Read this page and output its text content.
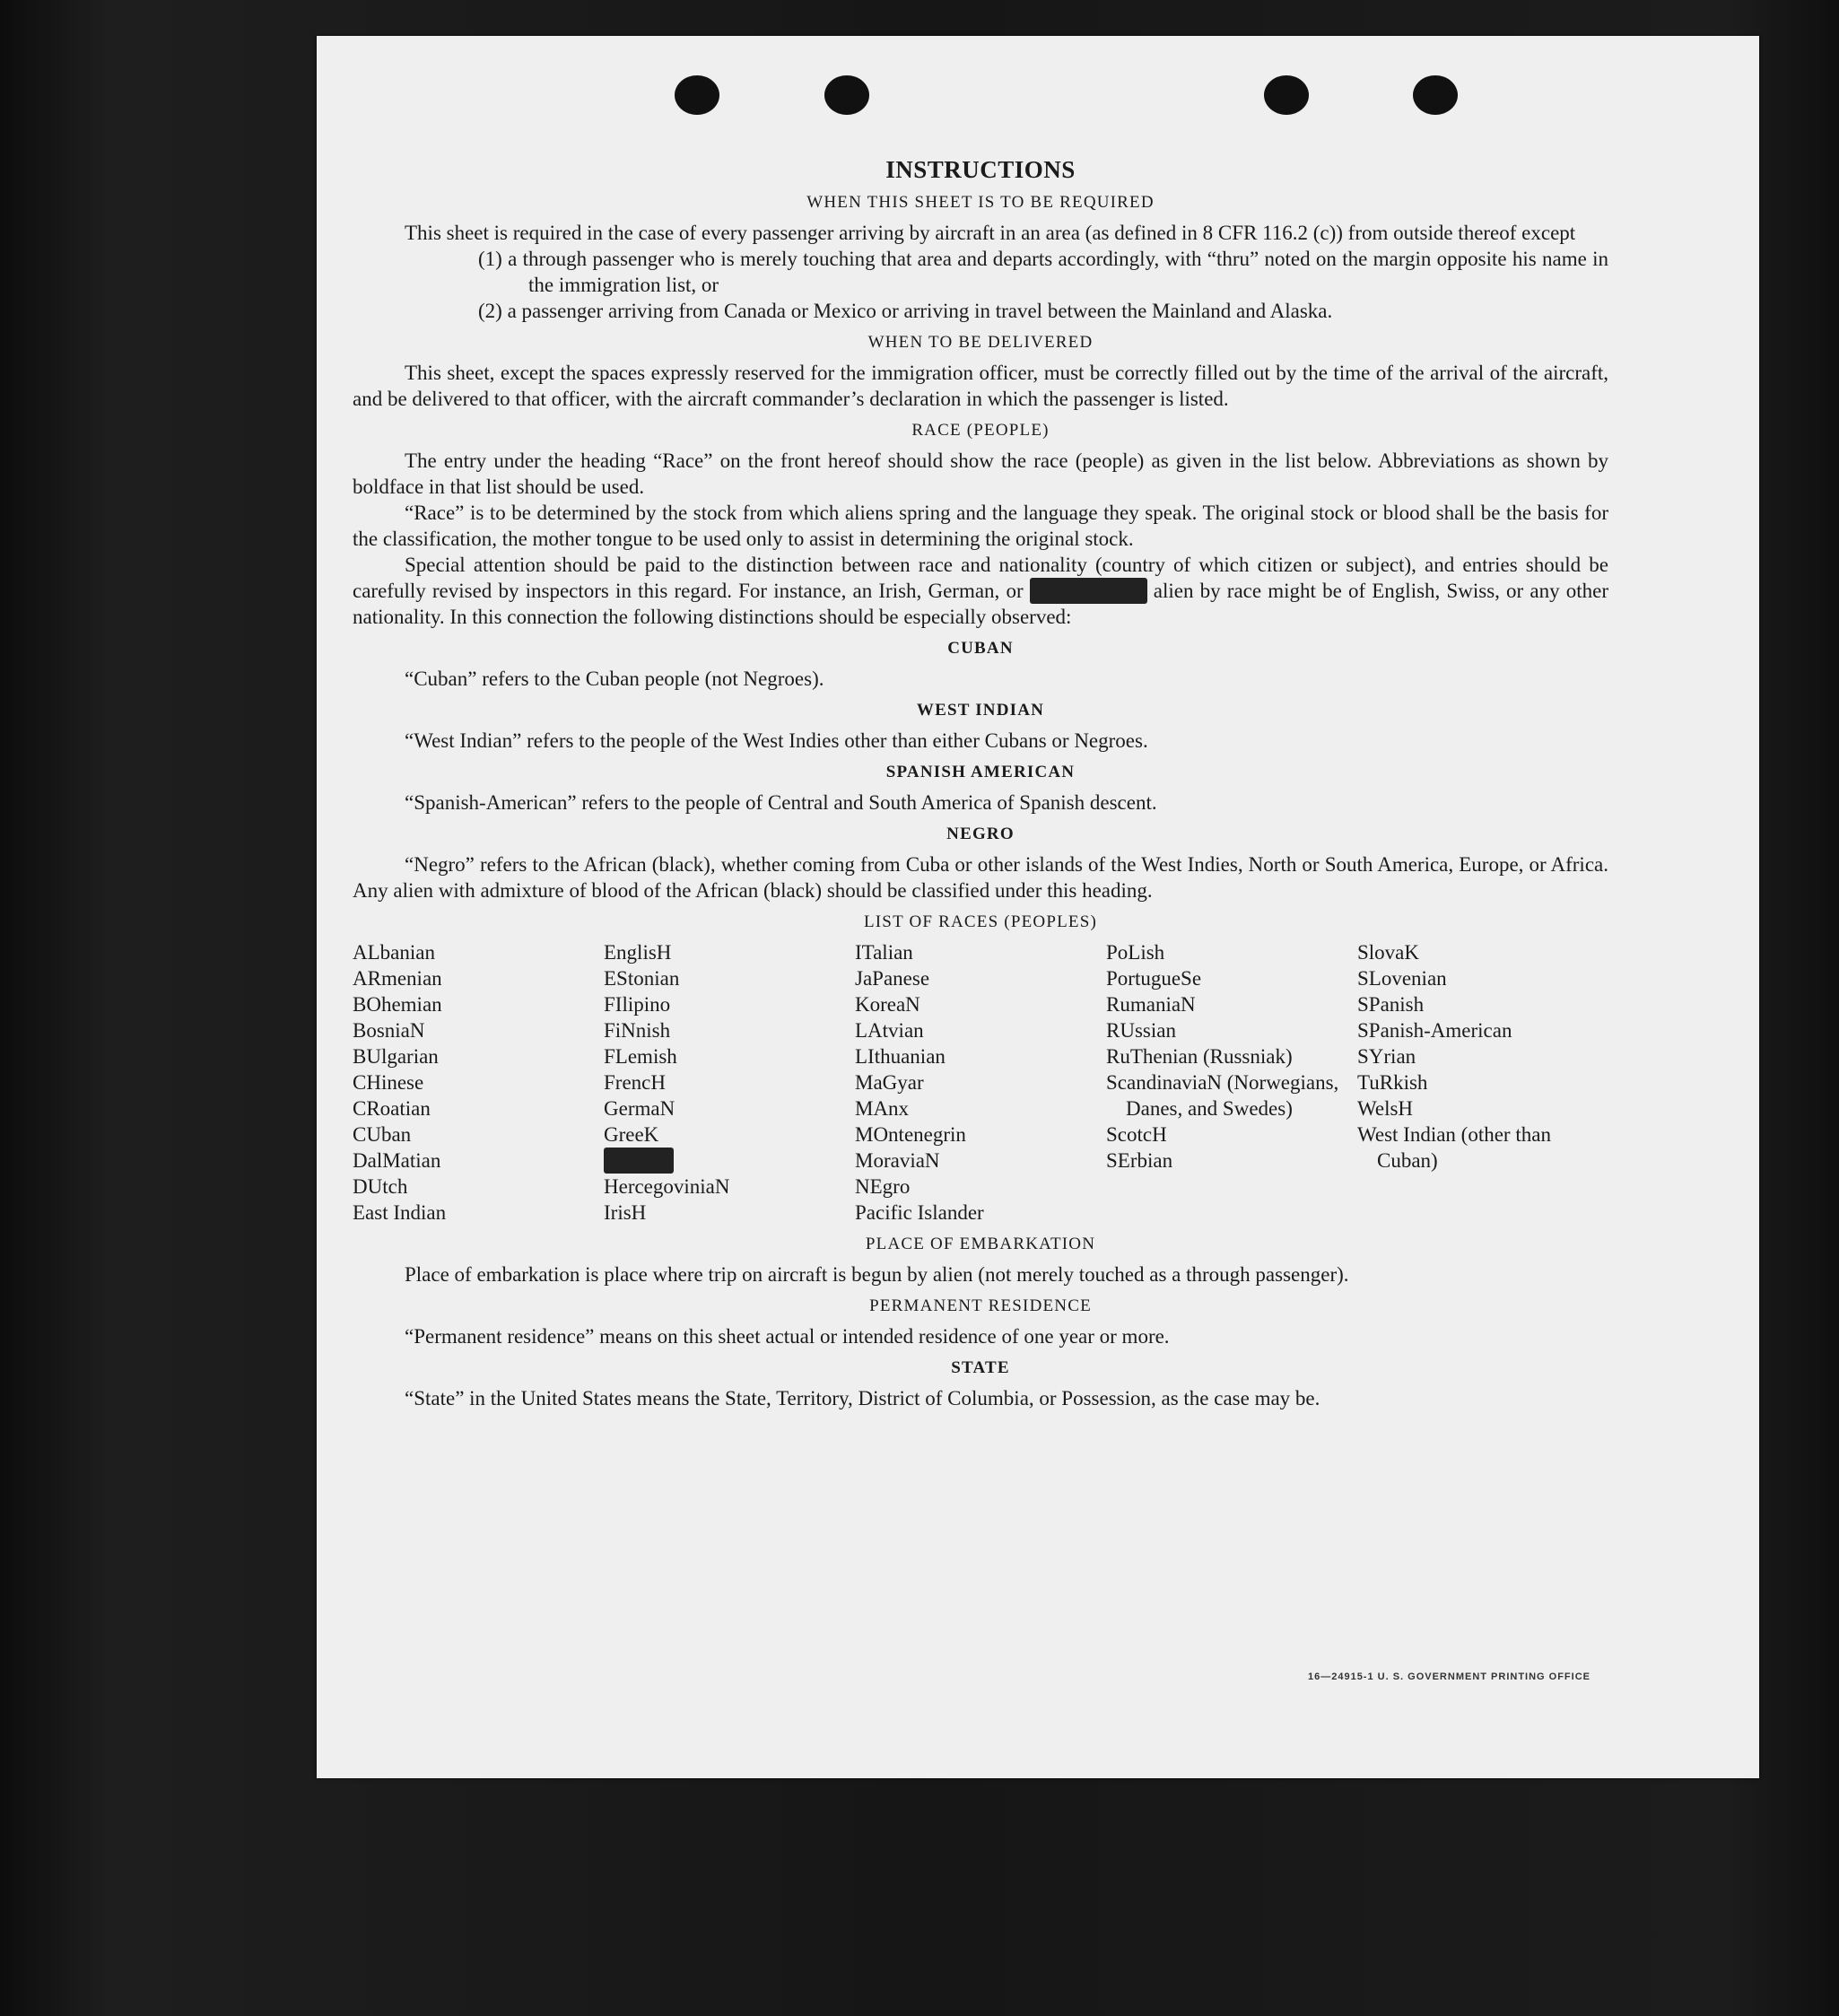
INSTRUCTIONS
WHEN THIS SHEET IS TO BE REQUIRED

This sheet is required in the case of every passenger arriving by aircraft in an area (as defined in 8 CFR 116.2 (c)) from outside thereof except

(1) a through passenger who is merely touching that area and departs accordingly, with “thru” noted on the margin opposite his name in the immigration list, or

(2) a passenger arriving from Canada or Mexico or arriving in travel between the Mainland and Alaska.

WHEN TO BE DELIVERED

This sheet, except the spaces expressly reserved for the immigration officer, must be correctly filled out by the time of the arrival of the aircraft, and be delivered to that officer, with the aircraft commander’s declaration in which the passenger is listed.

RACE (PEOPLE)

The entry under the heading “Race” on the front hereof should show the race (people) as given in the list below. Abbreviations as shown by boldface in that list should be used.

“Race” is to be determined by the stock from which aliens spring and the language they speak. The original stock or blood shall be the basis for the classification, the mother tongue to be used only to assist in determining the original stock.

Special attention should be paid to the distinction between race and nationality (country of which citizen or subject), and entries should be carefully revised by inspectors in this regard. For instance, an Irish, German, or	Hebrew alien by race might be of English, Swiss, or any other nationality. In this connection the following distinctions should be especially observed:

CUBAN

“Cuban” refers to the Cuban people (not Negroes).

WEST INDIAN

“West Indian” refers to the people of the West Indies other than either Cubans or Negroes.

SPANISH AMERICAN

“Spanish-American” refers to the people of Central and South America of Spanish descent.

NEGRO

“Negro” refers to the African (black), whether coming from Cuba or other islands of the West Indies, North or South America, Europe, or Africa. Any alien with admixture of blood of the African (black) should be classified under this heading.

LIST OF RACES (PEOPLES)
ALbanian
ARmenian
BOhemian
BosniaN
BUlgarian
CHinese
CRoatian
CUban
DalMatian
DUtch
East Indian
EnglisH
EStonian
FIlipino
FiNnish
FLemish
FrencH
GermaN
GreeK
HebreW
HercegoviniaN
IrisH
ITalian
JaPanese
KoreaN
LAtvian
LIthuanian
MaGyar
MAnx
MOntenegrin
MoraviaN
NEgro
Pacific Islander
PoLish
PortugueSe
RumaniaN
RUssian
RuThenian (Russniak)
ScandinaviaN (Norwegians, Danes, and Swedes)
ScotcH
SErbian
SlovaK
SLovenian
SPanish
SPanish-American
SYrian
TuRkish
WelsH
West Indian (other than Cuban)
PLACE OF EMBARKATION

Place of embarkation is place where trip on aircraft is begun by alien (not merely touched as a through passenger).

PERMANENT RESIDENCE

“Permanent residence” means on this sheet actual or intended residence of one year or more.

STATE

“State” in the United States means the State, Territory, District of Columbia, or Possession, as the case may be.

16—24915-1 U. S. GOVERNMENT PRINTING OFFICE
